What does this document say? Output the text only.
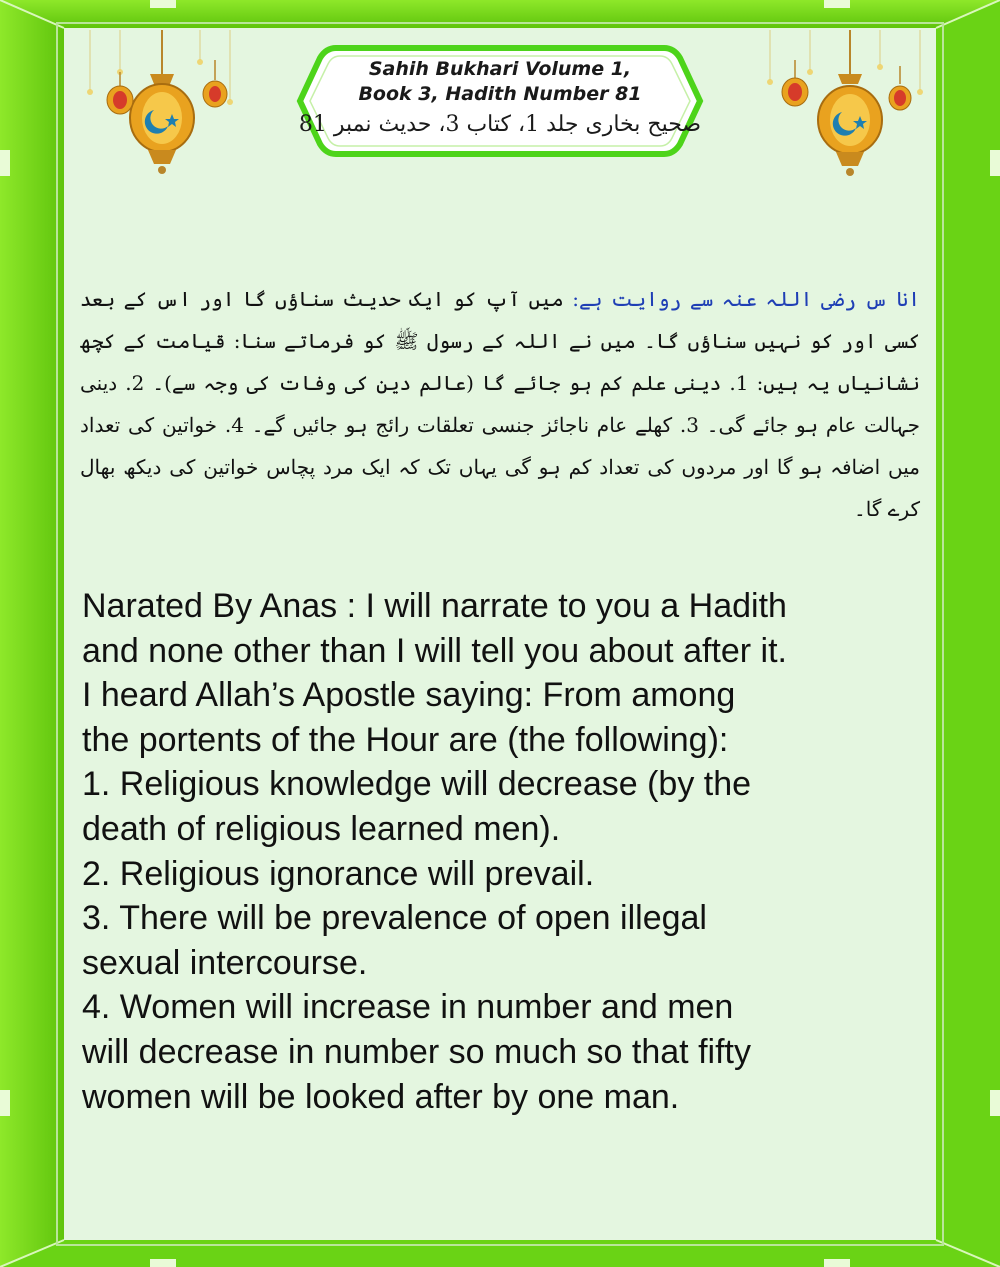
Sahih Bukhari Volume 1,
Book 3, Hadith Number 81
صحیح بخاری جلد 1، کتاب 3، حدیث نمبر 81
انا س رضی اللہ عنہ سے روایت ہے: میں آپ کو ایک حدیث سناؤں گا اور اس کے بعد کسی اور کو نہیں سناؤں گا۔ میں نے اللہ کے رسول ﷺ کو فرماتے سنا: قیامت کے کچھ نشانیاں یہ ہیں: 1. دینی علم کم ہو جائے گا (عالم دین کی وفات کی وجہ سے)۔ 2. دینی جہالت عام ہو جائے گی۔ 3. کھلے عام ناجائز جنسی تعلقات رائج ہو جائیں گے۔ 4. خواتین کی تعداد میں اضافہ ہو گا اور مردوں کی تعداد کم ہو گی یہاں تک کہ ایک مرد پچاس خواتین کی دیکھ بھال کرے گا۔
Narated By Anas : I will narrate to you a Hadith
and none other than I will tell you about after it.
I heard Allah’s Apostle saying: From among
the portents of the Hour are (the following):
1. Religious knowledge will decrease (by the
death of religious learned men).
2. Religious ignorance will prevail.
3. There will be prevalence of open illegal
sexual intercourse.
4. Women will increase in number and men
will decrease in number so much so that fifty
women will be looked after by one man.
